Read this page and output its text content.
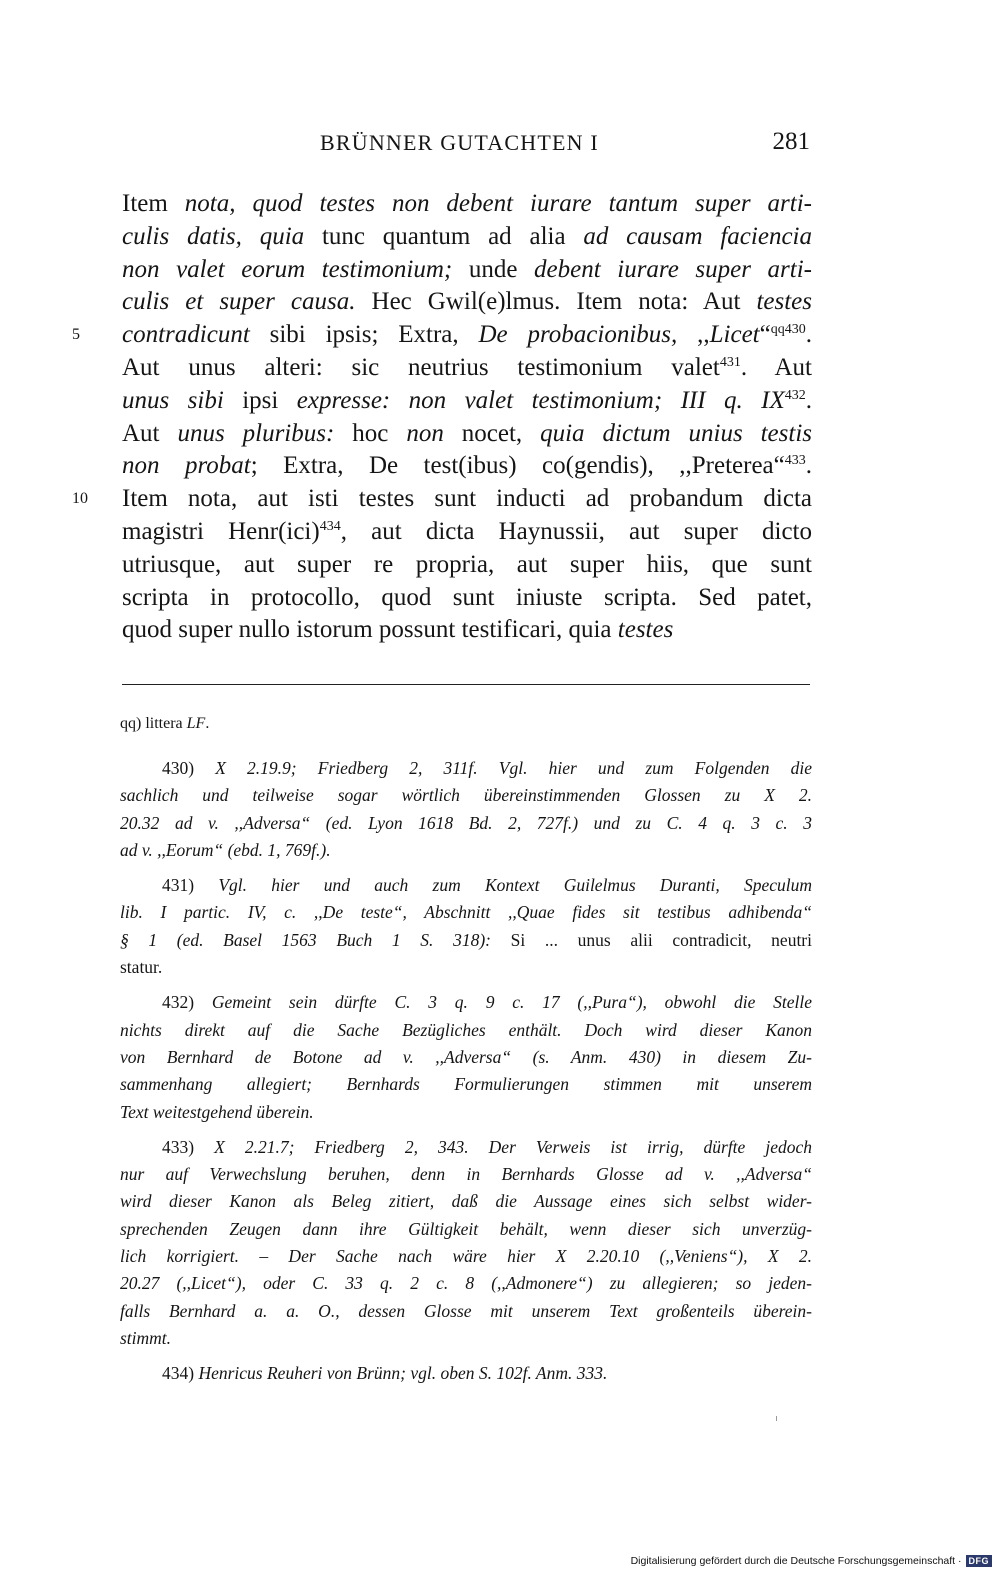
BRÜNNER GUTACHTEN I	281
Item nota, quod testes non debent iurare tantum super arti-
culis datis, quia tunc quantum ad alia ad causam faciencia
non valet eorum testimonium; unde debent iurare super arti-
culis et super causa. Hec Gwil(e)lmus. Item nota: Aut testes
5	contradicunt sibi ipsis; Extra, De probacionibus, ,,Licet“$^{qq430}$.
Aut unus alteri: sic neutrius testimonium valet$^{431}$. Aut
unus sibi ipsi expresse: non valet testimonium; III q. IX$^{432}$.
Aut unus pluribus: hoc non nocet, quia dictum unius testis
non probat; Extra, De test(ibus) co(gendis), ,,Preterea“$^{433}$.
10	Item nota, aut isti testes sunt inducti ad probandum dicta
magistri Henr(ici)$^{434}$, aut dicta Haynussii, aut super dicto
utriusque, aut super re propria, aut super hiis, que sunt
scripta in protocollo, quod sunt iniuste scripta. Sed patet,
quod super nullo istorum possunt testificari, quia testes
qq) littera LF.
430) X 2.19.9; Friedberg 2, 311f. Vgl. hier und zum Folgenden die
sachlich und teilweise sogar wörtlich übereinstimmenden Glossen zu X 2.
20.32 ad v. ,,Adversa“ (ed. Lyon 1618 Bd. 2, 727f.) und zu C. 4 q. 3 c. 3
ad v. ,,Eorum“ (ebd. 1, 769f.).
431) Vgl. hier und auch zum Kontext Guilelmus Duranti, Speculum
lib. I partic. IV, c. ,,De teste“, Abschnitt ,,Quae fides sit testibus adhibenda“
§ 1 (ed. Basel 1563 Buch 1 S. 318): Si ... unus alii contradicit, neutri
statur.
432) Gemeint sein dürfte C. 3 q. 9 c. 17 (,,Pura“), obwohl die Stelle
nichts direkt auf die Sache Bezügliches enthält. Doch wird dieser Kanon
von Bernhard de Botone ad v. ,,Adversa“ (s. Anm. 430) in diesem Zu-
sammenhang allegiert; Bernhards Formulierungen stimmen mit unserem
Text weitestgehend überein.
433) X 2.21.7; Friedberg 2, 343. Der Verweis ist irrig, dürfte jedoch
nur auf Verwechslung beruhen, denn in Bernhards Glosse ad v. ,,Adversa“
wird dieser Kanon als Beleg zitiert, daß die Aussage eines sich selbst wider-
sprechenden Zeugen dann ihre Gültigkeit behält, wenn dieser sich unverzüg-
lich korrigiert. – Der Sache nach wäre hier X 2.20.10 (,,Veniens“), X 2.
20.27 (,,Licet“), oder C. 33 q. 2 c. 8 (,,Admonere“) zu allegieren; so jeden-
falls Bernhard a. a. O., dessen Glosse mit unserem Text großenteils überein-
stimmt.
434) Henricus Reuheri von Brünn; vgl. oben S. 102f. Anm. 333.
Digitalisierung gefördert durch die Deutsche Forschungsgemeinschaft · DFG
